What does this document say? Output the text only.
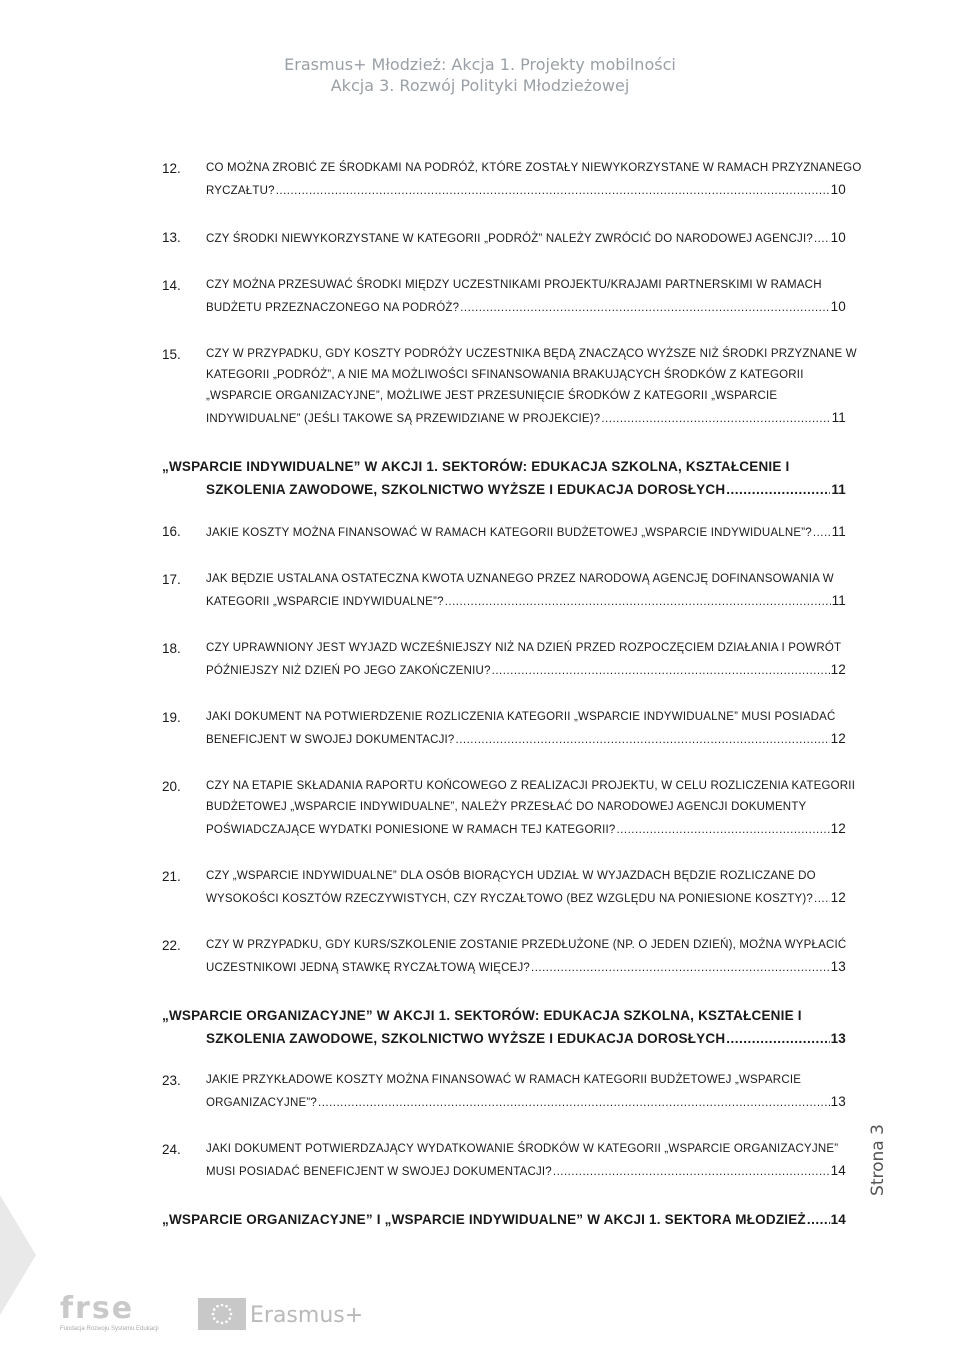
Erasmus+ Młodzież: Akcja 1. Projekty mobilności
Akcja 3. Rozwój Polityki Młodzieżowej
12. CO MOŻNA ZROBIĆ ZE ŚRODKAMI NA PODRÓŻ, KTÓRE ZOSTAŁY NIEWYKORZYSTANE W RAMACH PRZYZNANEGO
RYCZAŁTU? .....	10
13. CZY ŚRODKI NIEWYKORZYSTANE W KATEGORII „PODRÓŻ” NALEŻY ZWRÓCIĆ DO NARODOWEJ AGENCJI? ..... 10
14. CZY MOŻNA PRZESUWAĆ ŚRODKI MIĘDZY UCZESTNIKAMI PROJEKTU/KRAJAMI PARTNERSKIMI W RAMACH
BUDŻETU PRZEZNACZONEGO NA PODRÓŻ? .....	10
15. CZY W PRZYPADKU, GDY KOSZTY PODRÓŻY UCZESTNIKA BĘDĄ ZNACZĄCO WYŻSZE NIŻ ŚRODKI PRZYZNANE W
KATEGORII „PODRÓŻ”, A NIE MA MOŻLIWOŚCI SFINANSOWANIA BRAKUJĄCYCH ŚRODKÓW Z KATEGORII
„WSPARCIE ORGANIZACYJNE”, MOŻLIWE JEST PRZESUNIĘCIE ŚRODKÓW Z KATEGORII „WSPARCIE
INDYWIDUALNE” (JEŚLI TAKOWE SĄ PRZEWIDZIANE W PROJEKCIE)? .....	11
„WSPARCIE INDYWIDUALNE” W AKCJI 1. SEKTORÓW: EDUKACJA SZKOLNA, KSZTAŁCENIE I
SZKOLENIA ZAWODOWE, SZKOLNICTWO WYŻSZE I EDUKACJA DOROSŁYCH .....	11
16. JAKIE KOSZTY MOŻNA FINANSOWAĆ W RAMACH KATEGORII BUDŻETOWEJ „WSPARCIE INDYWIDUALNE”? ..... 11
17. JAK BĘDZIE USTALANA OSTATECZNA KWOTA UZNANEGO PRZEZ NARODOWĄ AGENCJĘ DOFINANSOWANIA W
KATEGORII „WSPARCIE INDYWIDUALNE”? .....	11
18. CZY UPRAWNIONY JEST WYJAZD WCZEŚNIEJSZY NIŻ NA DZIEŃ PRZED ROZPOCZĘCIEM DZIAŁANIA I POWRÓT
PÓŹNIEJSZY NIŻ DZIEŃ PO JEGO ZAKOŃCZENIU? .....	12
19. JAKI DOKUMENT NA POTWIERDZENIE ROZLICZENIA KATEGORII „WSPARCIE INDYWIDUALNE” MUSI POSIADAĆ
BENEFICJENT W SWOJEJ DOKUMENTACJI? .....	12
20. CZY NA ETAPIE SKŁADANIA RAPORTU KOŃCOWEGO Z REALIZACJI PROJEKTU, W CELU ROZLICZENIA KATEGORII
BUDŻETOWEJ „WSPARCIE INDYWIDUALNE”, NALEŻY PRZESŁAĆ DO NARODOWEJ AGENCJI DOKUMENTY
POŚWIADCZAJĄCE WYDATKI PONIESIONE W RAMACH TEJ KATEGORII? .....	12
21. CZY „WSPARCIE INDYWIDUALNE” DLA OSÓB BIORĄCYCH UDZIAŁ W WYJAZDACH BĘDZIE ROZLICZANE DO
WYSOKOŚCI KOSZTÓW RZECZYWISTYCH, CZY RYCZAŁTOWO (BEZ WZGLĘDU NA PONIESIONE KOSZTY)? ..... 12
22. CZY W PRZYPADKU, GDY KURS/SZKOLENIE ZOSTANIE PRZEDŁUŻONE (NP. O JEDEN DZIEŃ), MOŻNA WYPŁACIĆ
UCZESTNIKOWI JEDNĄ STAWKĘ RYCZAŁTOWĄ WIĘCEJ? .....	13
„WSPARCIE ORGANIZACYJNE” W AKCJI 1. SEKTORÓW: EDUKACJA SZKOLNA, KSZTAŁCENIE I
SZKOLENIA ZAWODOWE, SZKOLNICTWO WYŻSZE I EDUKACJA DOROSŁYCH .....	13
23. JAKIE PRZYKŁADOWE KOSZTY MOŻNA FINANSOWAĆ W RAMACH KATEGORII BUDŻETOWEJ „WSPARCIE
ORGANIZACYJNE”? .....	13
24. JAKI DOKUMENT POTWIERDZAJĄCY WYDATKOWANIE ŚRODKÓW W KATEGORII „WSPARCIE ORGANIZACYJNE”
MUSI POSIADAĆ BENEFICJENT W SWOJEJ DOKUMENTACJI? .....	14
„WSPARCIE ORGANIZACYJNE” I „WSPARCIE INDYWIDUALNE” W AKCJI 1. SEKTORA MŁODZIEŻ ..... 14
Strona 3
frse
Fundacja Rozwoju Systemu Edukacji
Erasmus+
